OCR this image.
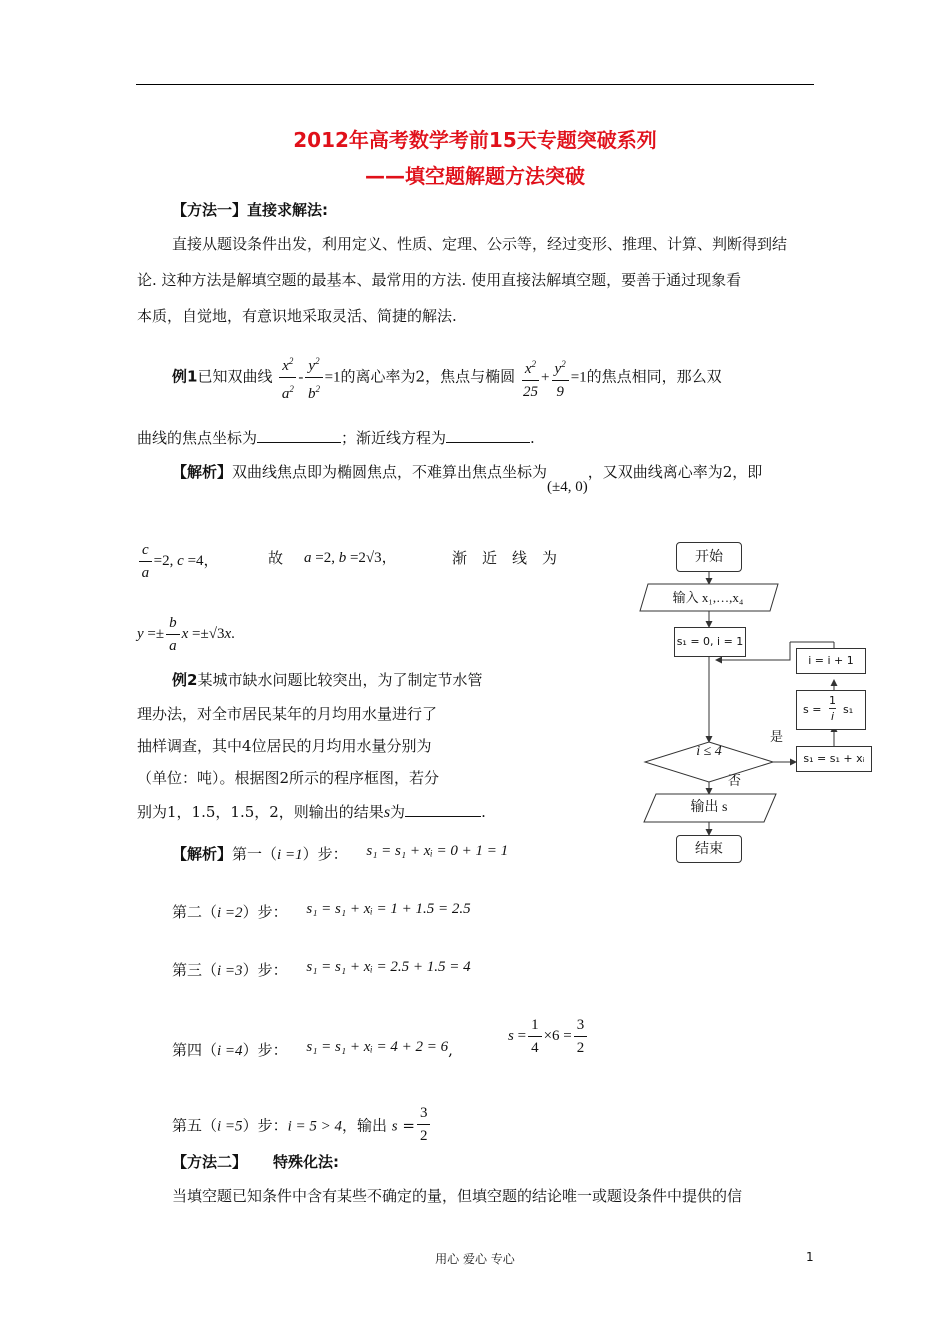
2012年高考数学考前15天专题突破系列
——填空题解题方法突破
【方法一】直接求解法:
直接从题设条件出发，利用定义、性质、定理、公示等，经过变形、推理、计算、判断得到结
论. 这种方法是解填空题的最基本、最常用的方法. 使用直接法解填空题，要善于通过现象看
本质，自觉地，有意识地采取灵活、简捷的解法.
例1已知双曲线 $\frac{x^2}{a^2} - \frac{y^2}{b^2} =1$的离心率为2，焦点与椭圆 $\frac{x^2}{25} + \frac{y^2}{9} =1$的焦点相同，那么双
曲线的焦点坐标为	；渐近线方程为	.
【解析】双曲线焦点即为椭圆焦点，不难算出焦点坐标为(±4, 0)，又双曲线离心率为2，即
$\frac{c}{a} =2$, c =4，	故 a =2, b =2√3，	渐　近　线　为
$y =\pm \frac{b}{a}$ x =±√3x.
例2某城市缺水问题比较突出，为了制定节水管
理办法，对全市居民某年的月均用水量进行了
抽样调查，其中4位居民的月均用水量分别为
（单位：吨）。根据图2所示的程序框图，若分
别为1，1.5，1.5，2，则输出的结果s为	.
【解析】第一（i =1）步： s₁ = s₁ + xᵢ = 0 + 1 = 1
第二（i =2）步： s₁ = s₁ + xᵢ = 1 + 1.5 = 2.5
第三（i =3）步： s₁ = s₁ + xᵢ = 2.5 + 1.5 = 4
第四（i =4）步： s₁ = s₁ + xᵢ = 4 + 2 = 6,
$s = \frac{1}{4} \times 6 = \frac{3}{2}$
第五（i =5）步：i = 5 > 4，输出 $s = \frac{3}{2}$
【方法二】 特殊化法:
当填空题已知条件中含有某些不确定的量，但填空题的结论唯一或题设条件中提供的信
用心 爱心 专心	1
开始
输入 x₁,…,x₄
s₁ = 0, i = 1
i ≤ 4
是
否
s₁ = s₁ + xᵢ
s =
1
i
s₁
i = i + 1
输出 s
结束
